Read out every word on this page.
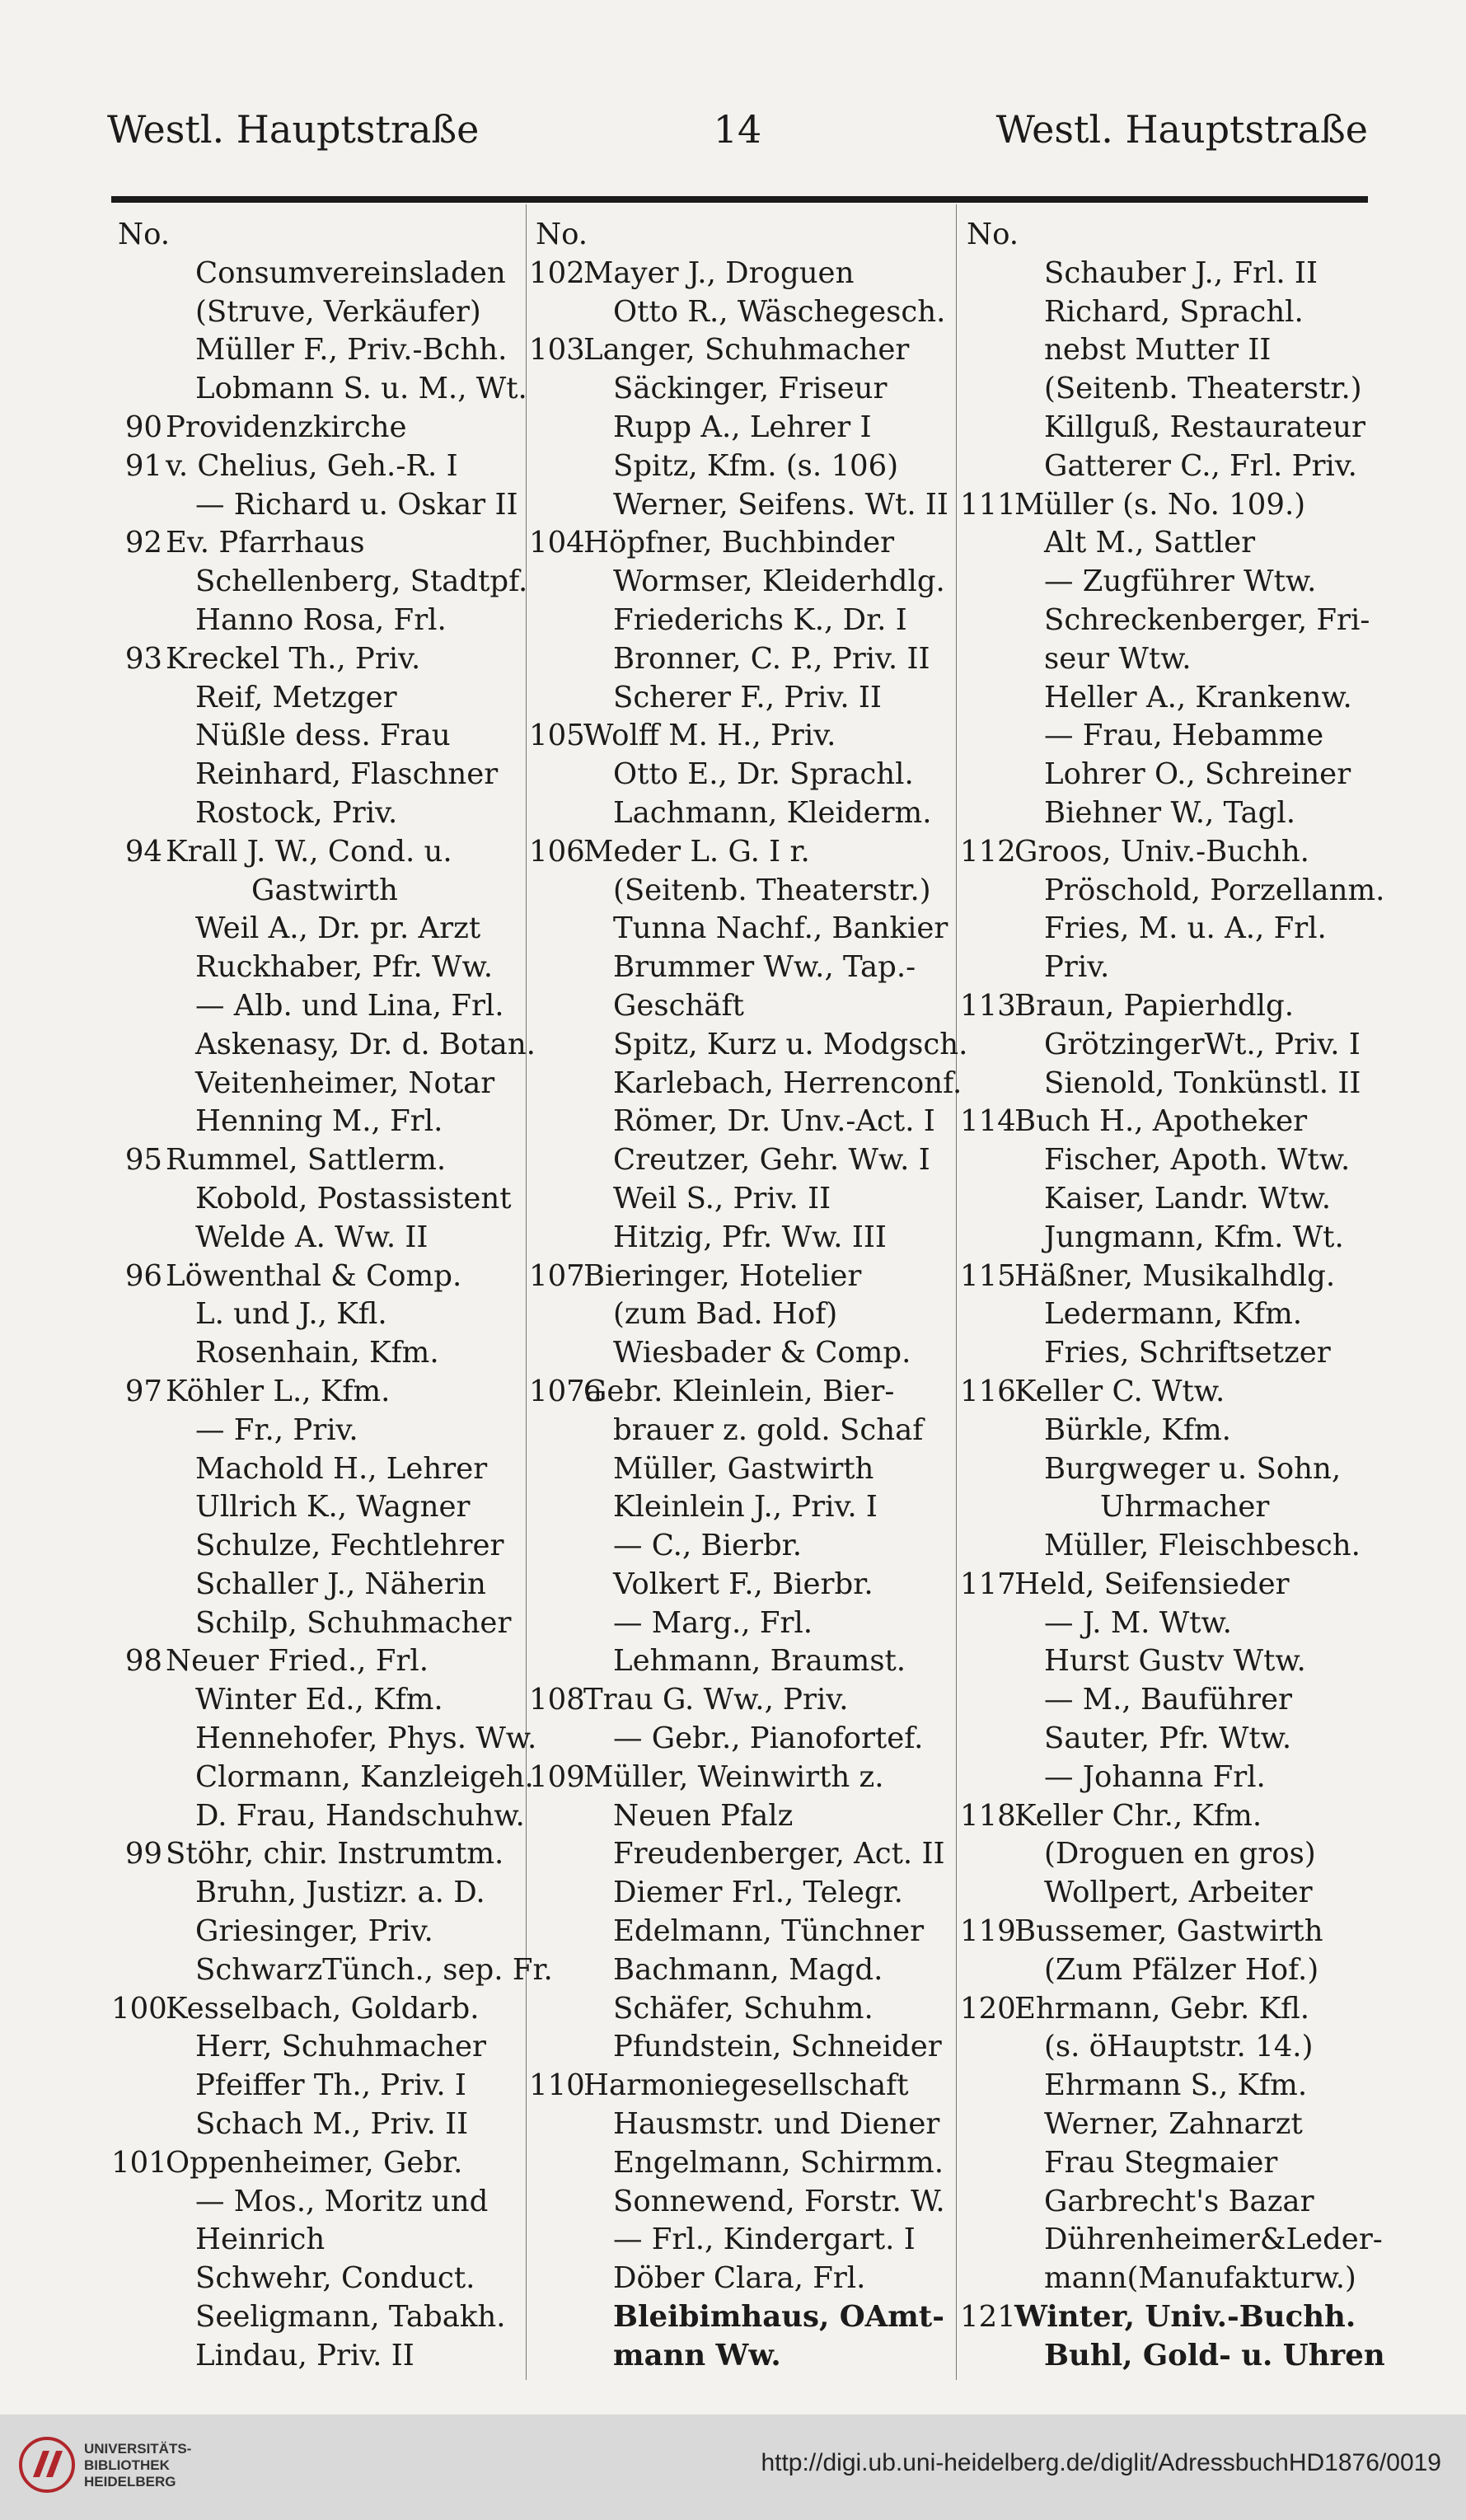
Westl. Hauptstraße	14	Westl. Hauptstraße
No.
Consumvereinsladen
(Struve, Verkäufer)
Müller F., Priv.-Bchh.
Lobmann S. u. M., Wt.
90 Providenzkirche
91 v. Chelius, Geh.-R. I
— Richard u. Oskar II
92 Ev. Pfarrhaus
Schellenberg, Stadtpf.
Hanno Rosa, Frl.
93 Kreckel Th., Priv.
Reif, Metzger
Nüßle dess. Frau
Reinhard, Flaschner
Rostock, Priv.
94 Krall J. W., Cond. u.
Gastwirth
Weil A., Dr. pr. Arzt
Ruckhaber, Pfr. Ww.
— Alb. und Lina, Frl.
Askenasy, Dr. d. Botan.
Veitenheimer, Notar
Henning M., Frl.
95 Rummel, Sattlerm.
Kobold, Postassistent
Welde A. Ww. II
96 Löwenthal & Comp.
L. und J., Kfl.
Rosenhain, Kfm.
97 Köhler L., Kfm.
— Fr., Priv.
Machold H., Lehrer
Ullrich K., Wagner
Schulze, Fechtlehrer
Schaller J., Näherin
Schilp, Schuhmacher
98 Neuer Fried., Frl.
Winter Ed., Kfm.
Hennehofer, Phys. Ww.
Clormann, Kanzleigeh.
D. Frau, Handschuhw.
99 Stöhr, chir. Instrumtm.
Bruhn, Justizr. a. D.
Griesinger, Priv.
SchwarzTünch., sep. Fr.
100
Kesselbach, Goldarb.
Herr, Schuhmacher
Pfeiffer Th., Priv. I
Schach M., Priv. II
101
Oppenheimer, Gebr.
— Mos., Moritz und
Heinrich
Schwehr, Conduct.
Seeligmann, Tabakh.
Lindau, Priv. II
No.
102
Mayer J., Droguen
Otto R., Wäschegesch.
103
Langer, Schuhmacher
Säckinger, Friseur
Rupp A., Lehrer I
Spitz, Kfm. (s. 106)
Werner, Seifens. Wt. II
104
Höpfner, Buchbinder
Wormser, Kleiderhdlg.
Friederichs K., Dr. I
Bronner, C. P., Priv. II
Scherer F., Priv. II
105
Wolff M. H., Priv.
Otto E., Dr. Sprachl.
Lachmann, Kleiderm.
106
Meder L. G. I r.
(Seitenb. Theaterstr.)
Tunna Nachf., Bankier
Brummer Ww., Tap.-
Geschäft
Spitz, Kurz u. Modgsch.
Karlebach, Herrenconf.
Römer, Dr. Unv.-Act. I
Creutzer, Gehr. Ww. I
Weil S., Priv. II
Hitzig, Pfr. Ww. III
107
Bieringer, Hotelier
(zum Bad. Hof)
Wiesbader & Comp.
107a
Gebr. Kleinlein, Bier-
brauer z. gold. Schaf
Müller, Gastwirth
Kleinlein J., Priv. I
— C., Bierbr.
Volkert F., Bierbr.
— Marg., Frl.
Lehmann, Braumst.
108
Trau G. Ww., Priv.
— Gebr., Pianofortef.
109
Müller, Weinwirth z.
Neuen Pfalz
Freudenberger, Act. II
Diemer Frl., Telegr.
Edelmann, Tünchner
Bachmann, Magd.
Schäfer, Schuhm.
Pfundstein, Schneider
110
Harmoniegesellschaft
Hausmstr. und Diener
Engelmann, Schirmm.
Sonnewend, Forstr. W.
— Frl., Kindergart. I
Döber Clara, Frl.
Bleibimhaus, OAmt-
mann Ww.
No.
Schauber J., Frl. II
Richard, Sprachl.
nebst Mutter II
(Seitenb. Theaterstr.)
Killguß, Restaurateur
Gatterer C., Frl. Priv.
111
Müller (s. No. 109.)
Alt M., Sattler
— Zugführer Wtw.
Schreckenberger, Fri-
seur Wtw.
Heller A., Krankenw.
— Frau, Hebamme
Lohrer O., Schreiner
Biehner W., Tagl.
112
Groos, Univ.-Buchh.
Pröschold, Porzellanm.
Fries, M. u. A., Frl.
Priv.
113
Braun, Papierhdlg.
GrötzingerWt., Priv. I
Sienold, Tonkünstl. II
114
Buch H., Apotheker
Fischer, Apoth. Wtw.
Kaiser, Landr. Wtw.
Jungmann, Kfm. Wt.
115
Häßner, Musikalhdlg.
Ledermann, Kfm.
Fries, Schriftsetzer
116
Keller C. Wtw.
Bürkle, Kfm.
Burgweger u. Sohn,
Uhrmacher
Müller, Fleischbesch.
117
Held, Seifensieder
— J. M. Wtw.
Hurst Gustv Wtw.
— M., Bauführer
Sauter, Pfr. Wtw.
— Johanna Frl.
118
Keller Chr., Kfm.
(Droguen en gros)
Wollpert, Arbeiter
119
Bussemer, Gastwirth
(Zum Pfälzer Hof.)
120
Ehrmann, Gebr. Kfl.
(s. öHauptstr. 14.)
Ehrmann S., Kfm.
Werner, Zahnarzt
Frau Stegmaier
Garbrecht's Bazar
Dührenheimer&Leder-
mann(Manufakturw.)
121
Winter, Univ.-Buchh.
Buhl, Gold- u. Uhren
UNIVERSITÄTS-
BIBLIOTHEK
HEIDELBERG
http://digi.ub.uni-heidelberg.de/diglit/AdressbuchHD1876/0019
